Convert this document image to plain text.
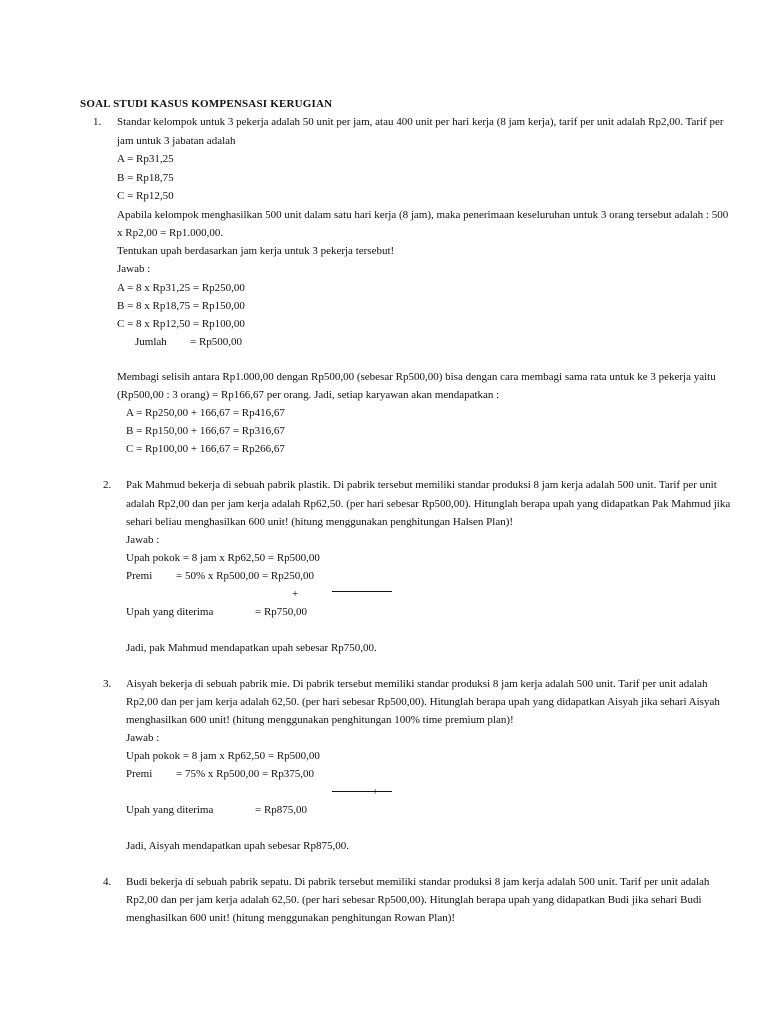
SOAL STUDI KASUS KOMPENSASI KERUGIAN
1. Standar kelompok untuk 3 pekerja adalah 50 unit per jam, atau 400 unit per hari kerja (8 jam kerja), tarif per unit adalah Rp2,00. Tarif per
jam untuk 3 jabatan adalah
A = Rp31,25
B = Rp18,75
C = Rp12,50
Apabila kelompok menghasilkan 500 unit dalam satu hari kerja (8 jam), maka penerimaan keseluruhan untuk 3 orang tersebut adalah : 500
x Rp2,00 = Rp1.000,00.
Tentukan upah berdasarkan jam kerja untuk 3 pekerja tersebut!
Jawab :
A = 8 x Rp31,25 = Rp250,00
B = 8 x Rp18,75 = Rp150,00
C = 8 x Rp12,50 = Rp100,00
Jumlah = Rp500,00
Membagi selisih antara Rp1.000,00 dengan Rp500,00 (sebesar Rp500,00) bisa dengan cara membagi sama rata untuk ke 3 pekerja yaitu
(Rp500,00 : 3 orang) = Rp166,67 per orang. Jadi, setiap karyawan akan mendapatkan :
A = Rp250,00 + 166,67 = Rp416,67
B = Rp150,00 + 166,67 = Rp316,67
C = Rp100,00 + 166,67 = Rp266,67
2. Pak Mahmud bekerja di sebuah pabrik plastik. Di pabrik tersebut memiliki standar produksi 8 jam kerja adalah 500 unit. Tarif per unit
adalah Rp2,00 dan per jam kerja adalah Rp62,50. (per hari sebesar Rp500,00). Hitunglah berapa upah yang didapatkan Pak Mahmud jika
sehari beliau menghasilkan 600 unit! (hitung menggunakan penghitungan Halsen Plan)!
Jawab :
Upah pokok = 8 jam x Rp62,50 = Rp500,00
Premi = 50% x Rp500,00 = Rp250,00
+
Upah yang diterima	= Rp750,00
Jadi, pak Mahmud mendapatkan upah sebesar Rp750,00.
3. Aisyah bekerja di sebuah pabrik mie. Di pabrik tersebut memiliki standar produksi 8 jam kerja adalah 500 unit. Tarif per unit adalah
Rp2,00 dan per jam kerja adalah 62,50. (per hari sebesar Rp500,00). Hitunglah berapa upah yang didapatkan Aisyah jika sehari Aisyah
menghasilkan 600 unit! (hitung menggunakan penghitungan 100% time premium plan)!
Jawab :
Upah pokok = 8 jam x Rp62,50 = Rp500,00
Premi = 75% x Rp500,00 = Rp375,00
+
Upah yang diterima	= Rp875,00
Jadi, Aisyah mendapatkan upah sebesar Rp875,00.
4. Budi bekerja di sebuah pabrik sepatu. Di pabrik tersebut memiliki standar produksi 8 jam kerja adalah 500 unit. Tarif per unit adalah
Rp2,00 dan per jam kerja adalah 62,50. (per hari sebesar Rp500,00). Hitunglah berapa upah yang didapatkan Budi jika sehari Budi
menghasilkan 600 unit! (hitung menggunakan penghitungan Rowan Plan)!
